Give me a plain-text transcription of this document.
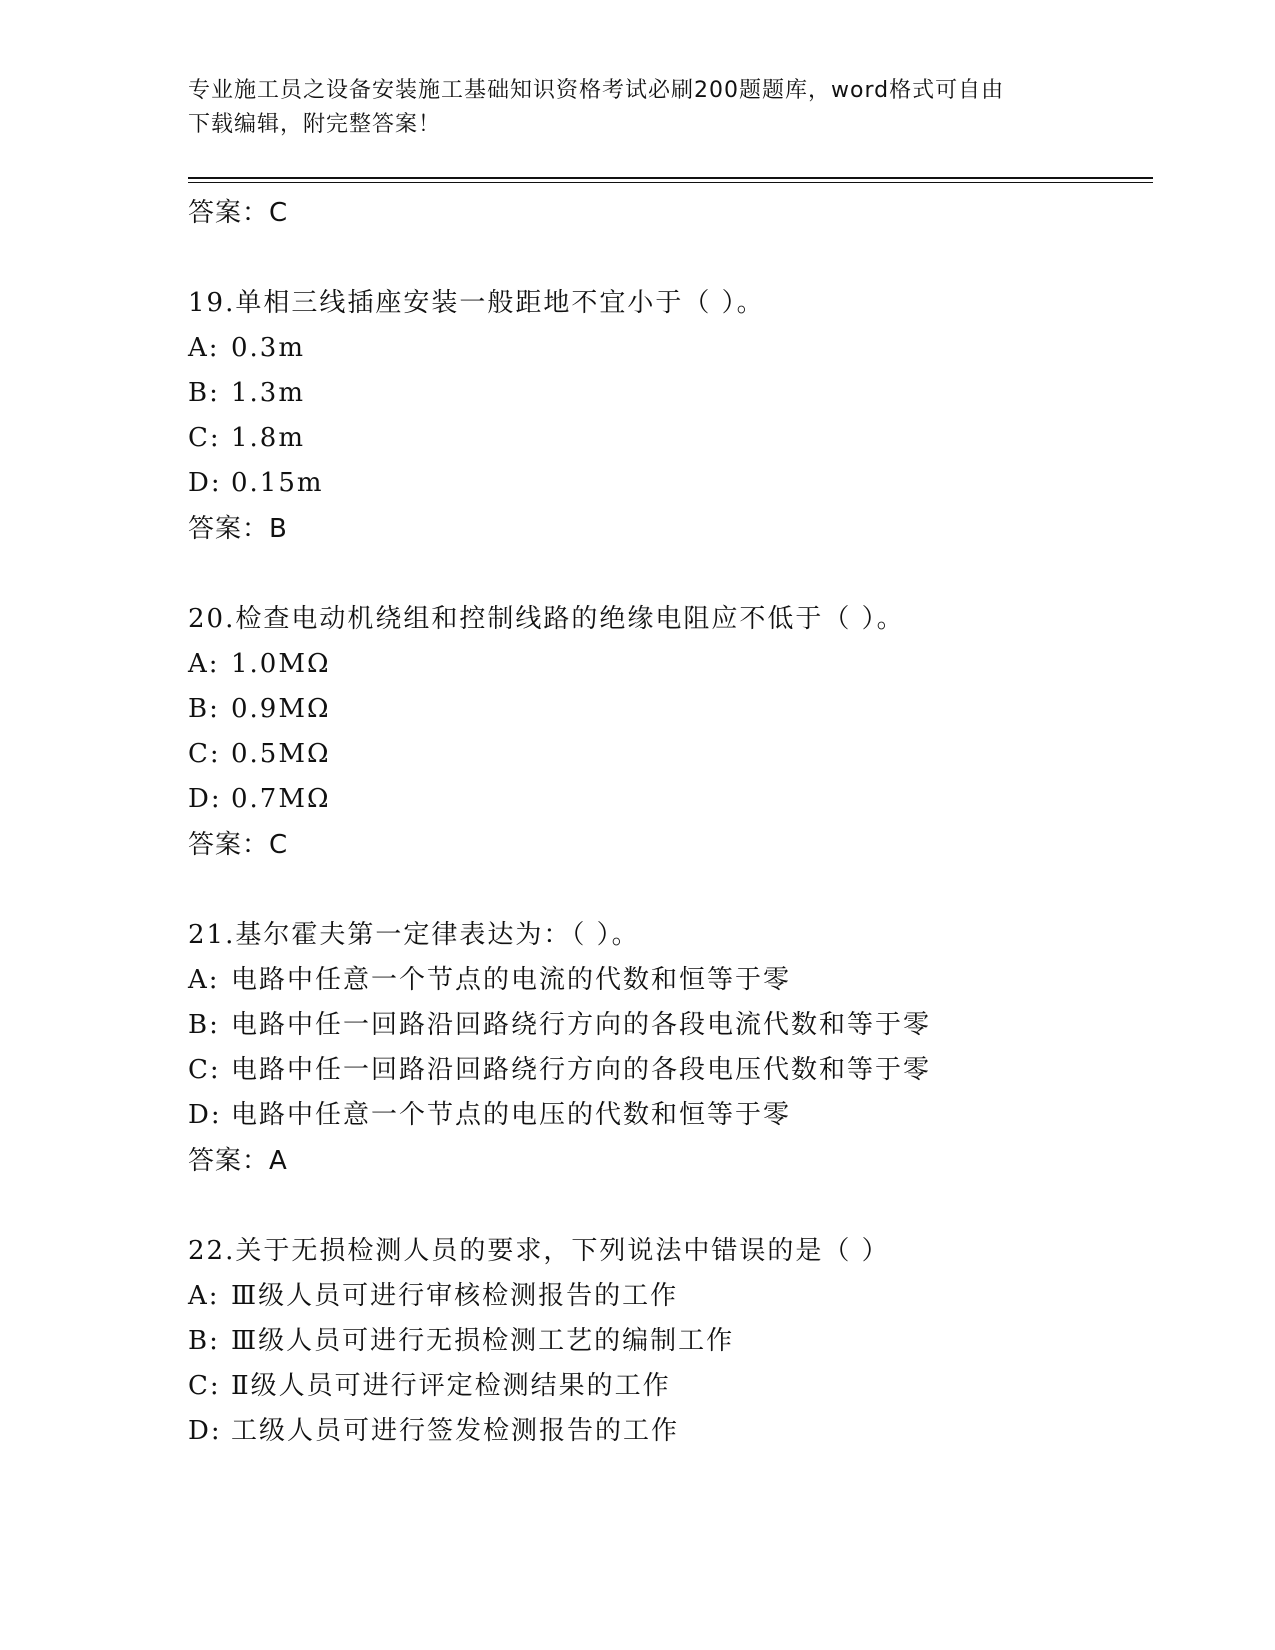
专业施工员之设备安装施工基础知识资格考试必刷200题题库，word格式可自由
下载编辑，附完整答案！
答案：C
19.单相三线插座安装一般距地不宜小于（ ）。
A: 0.3m
B: 1.3m
C: 1.8m
D: 0.15m
答案：B
20.检查电动机绕组和控制线路的绝缘电阻应不低于（ ）。
A: 1.0MΩ
B: 0.9MΩ
C: 0.5MΩ
D: 0.7MΩ
答案：C
21.基尔霍夫第一定律表达为：（ ）。
A: 电路中任意一个节点的电流的代数和恒等于零
B: 电路中任一回路沿回路绕行方向的各段电流代数和等于零
C: 电路中任一回路沿回路绕行方向的各段电压代数和等于零
D: 电路中任意一个节点的电压的代数和恒等于零
答案：A
22.关于无损检测人员的要求，下列说法中错误的是（ ）
A: Ⅲ级人员可进行审核检测报告的工作
B: Ⅲ级人员可进行无损检测工艺的编制工作
C: Ⅱ级人员可进行评定检测结果的工作
D: 工级人员可进行签发检测报告的工作
